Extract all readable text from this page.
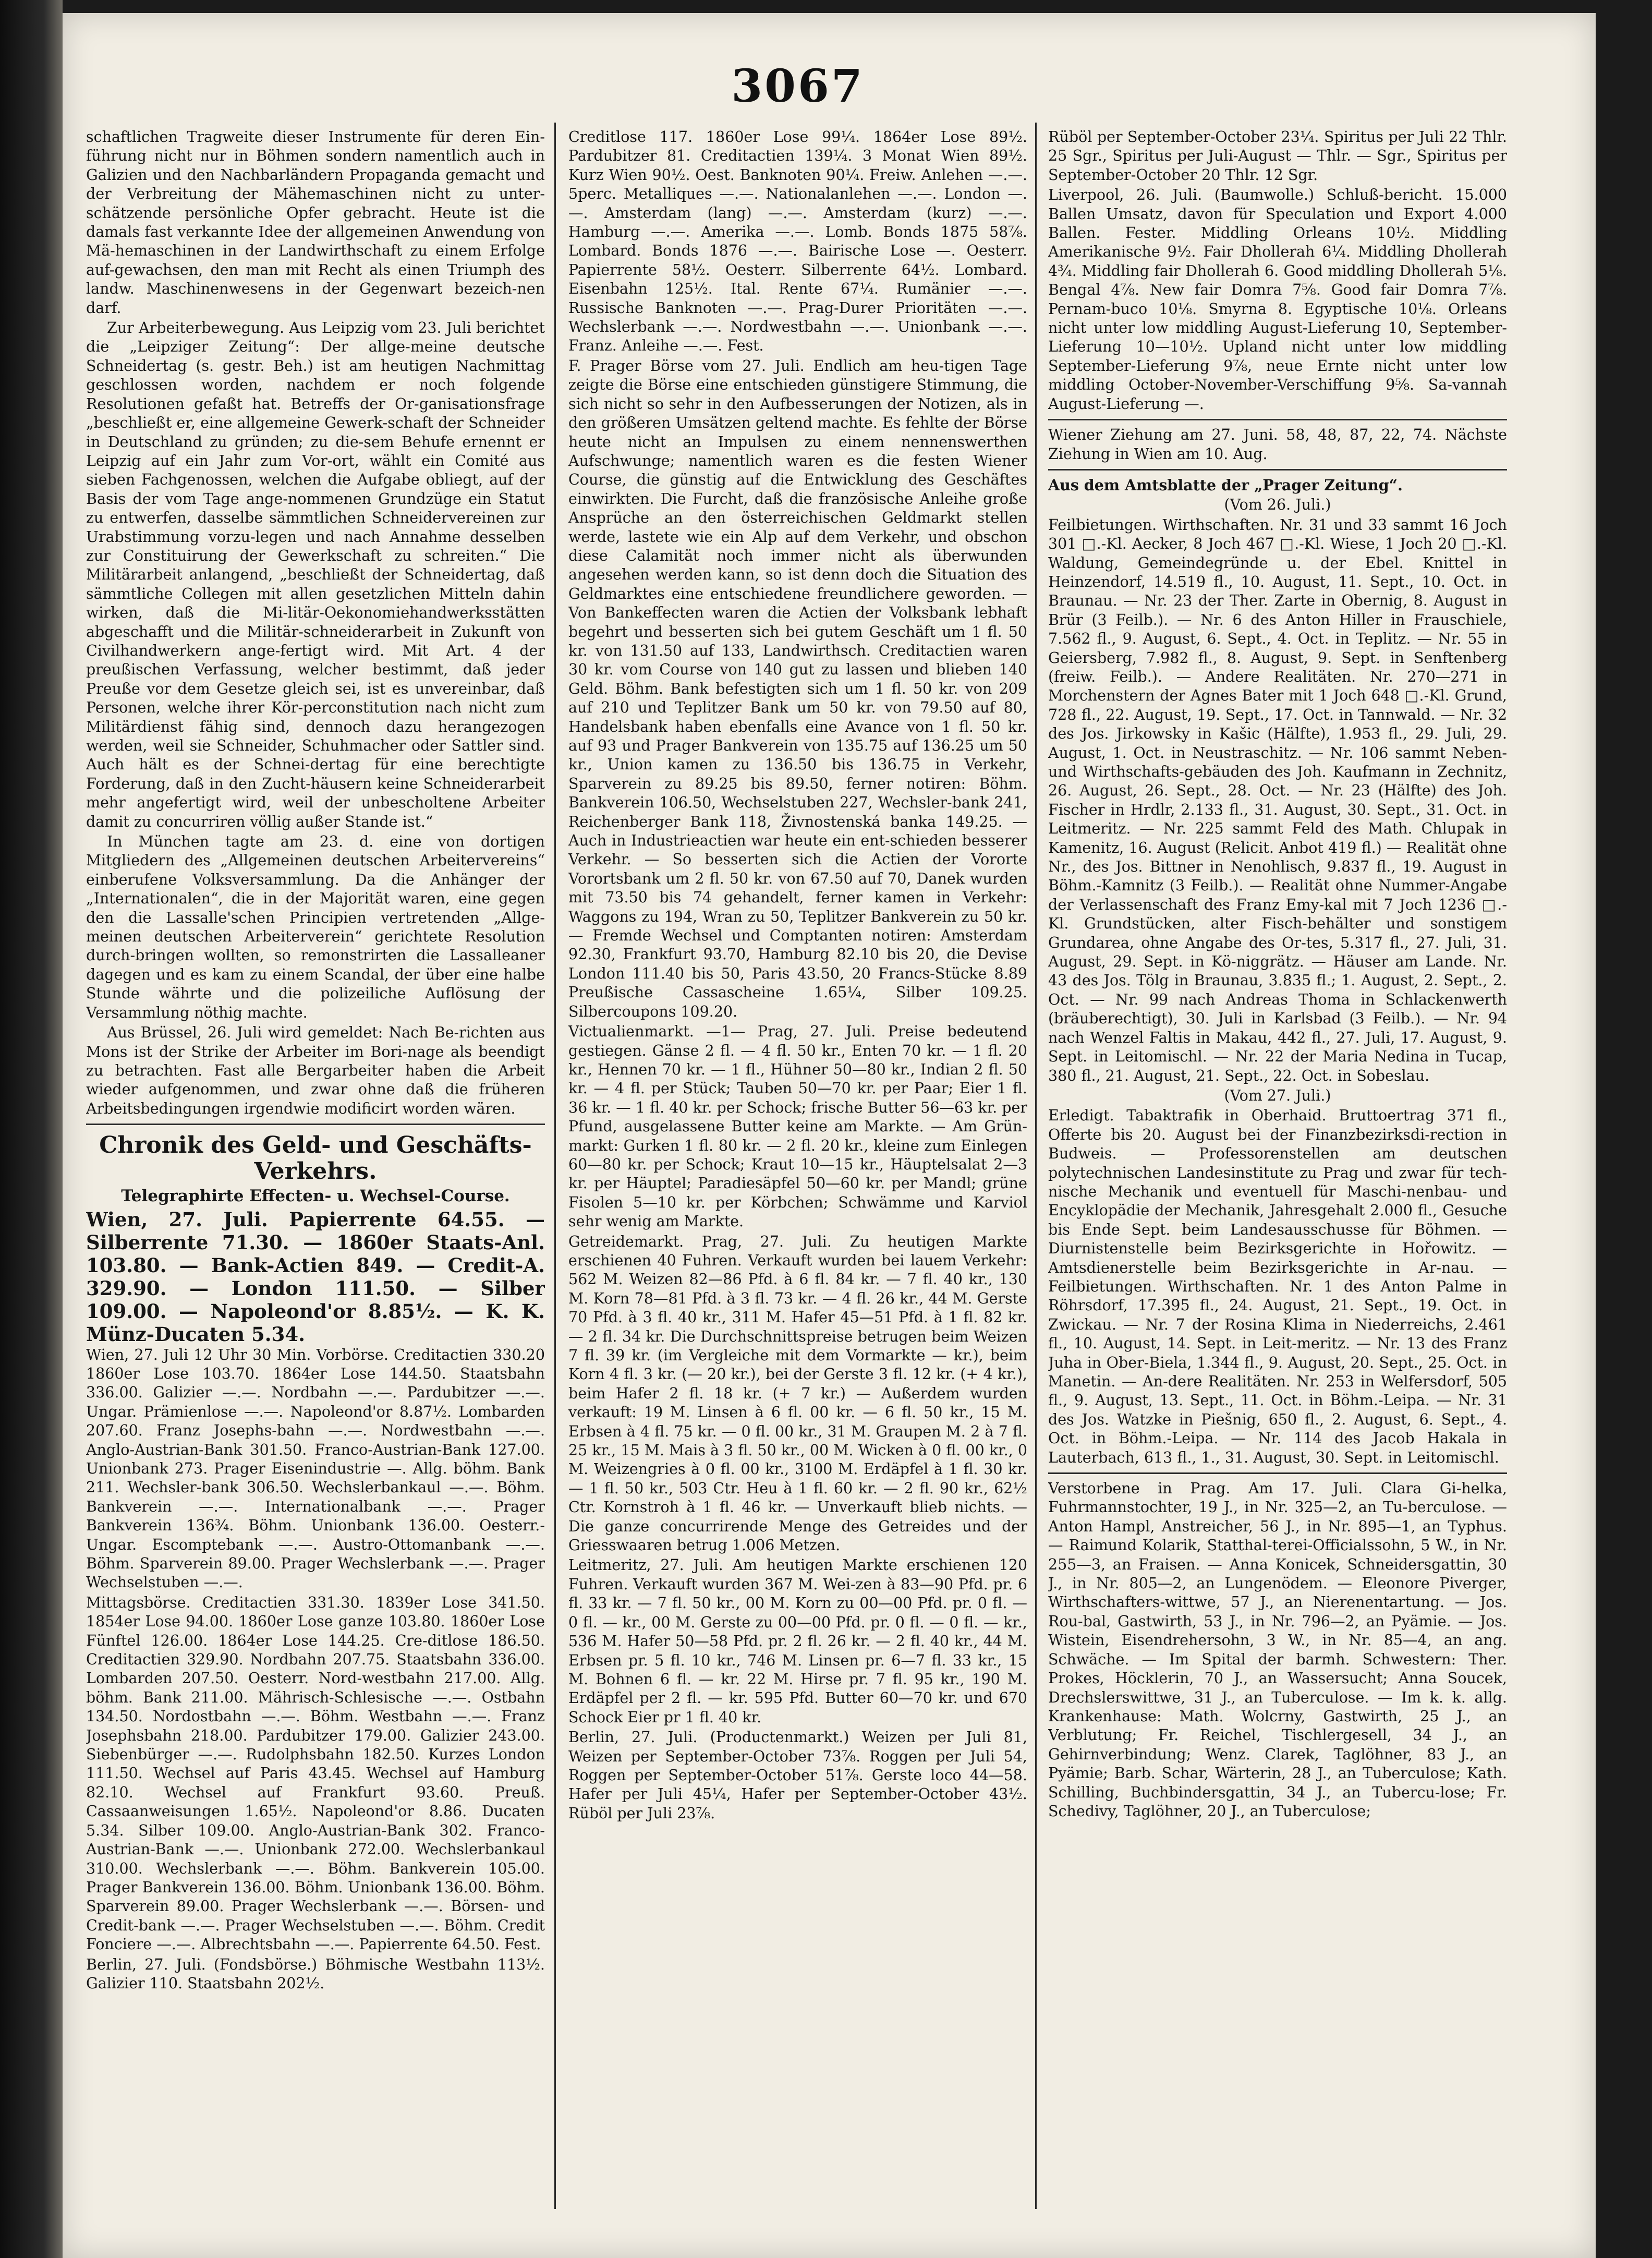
3067

schaftlichen Tragweite dieser Instrumente für deren Ein-führung nicht nur in Böhmen sondern namentlich auch in Galizien und den Nachbarländern Propaganda gemacht und der Verbreitung der Mähemaschinen nicht zu unter-schätzende persönliche Opfer gebracht. Heute ist die damals fast verkannte Idee der allgemeinen Anwendung von Mä-hemaschinen in der Landwirthschaft zu einem Erfolge auf-gewachsen, den man mit Recht als einen Triumph des landw. Maschinenwesens in der Gegenwart bezeich-nen darf.

Zur Arbeiterbewegung. Aus Leipzig vom 23. Juli berichtet die „Leipziger Zeitung“: Der allge-meine deutsche Schneidertag (s. gestr. Beh.) ist am heutigen Nachmittag geschlossen worden, nachdem er noch folgende Resolutionen gefaßt hat. Betreffs der Or-ganisationsfrage „beschließt er, eine allgemeine Gewerk-schaft der Schneider in Deutschland zu gründen; zu die-sem Behufe ernennt er Leipzig auf ein Jahr zum Vor-ort, wählt ein Comité aus sieben Fachgenossen, welchen die Aufgabe obliegt, auf der Basis der vom Tage ange-nommenen Grundzüge ein Statut zu entwerfen, dasselbe sämmtlichen Schneidervereinen zur Urabstimmung vorzu-legen und nach Annahme desselben zur Constituirung der Gewerkschaft zu schreiten.“ Die Militärarbeit anlangend, „beschließt der Schneidertag, daß sämmtliche Collegen mit allen gesetzlichen Mitteln dahin wirken, daß die Mi-litär-Oekonomiehandwerksstätten abgeschafft und die Militär-schneiderarbeit in Zukunft von Civilhandwerkern ange-fertigt wird. Mit Art. 4 der preußischen Verfassung, welcher bestimmt, daß jeder Preuße vor dem Gesetze gleich sei, ist es unvereinbar, daß Personen, welche ihrer Kör-perconstitution nach nicht zum Militärdienst fähig sind, dennoch dazu herangezogen werden, weil sie Schneider, Schuhmacher oder Sattler sind. Auch hält es der Schnei-dertag für eine berechtigte Forderung, daß in den Zucht-häusern keine Schneiderarbeit mehr angefertigt wird, weil der unbescholtene Arbeiter damit zu concurriren völlig außer Stande ist.“

In München tagte am 23. d. eine von dortigen Mitgliedern des „Allgemeinen deutschen Arbeitervereins“ einberufene Volksversammlung. Da die Anhänger der „Internationalen“, die in der Majorität waren, eine gegen den die Lassalle'schen Principien vertretenden „Allge-meinen deutschen Arbeiterverein“ gerichtete Resolution durch-bringen wollten, so remonstrirten die Lassalleaner dagegen und es kam zu einem Scandal, der über eine halbe Stunde währte und die polizeiliche Auflösung der Versammlung nöthig machte.

Aus Brüssel, 26. Juli wird gemeldet: Nach Be-richten aus Mons ist der Strike der Arbeiter im Bori-nage als beendigt zu betrachten. Fast alle Bergarbeiter haben die Arbeit wieder aufgenommen, und zwar ohne daß die früheren Arbeitsbedingungen irgendwie modificirt worden wären.

Chronik des Geld- und Geschäfts-Verkehrs.
Telegraphirte Effecten- u. Wechsel-Course.
Wien, 27. Juli. Papierrente 64.55. — Silberrente 71.30. — 1860er Staats-Anl. 103.80. — Bank-Actien 849. — Credit-A. 329.90. — London 111.50. — Silber 109.00. — Napoleond'or 8.85½. — K. K. Münz-Ducaten 5.34.

Wien, 27. Juli 12 Uhr 30 Min. Vorbörse. Creditactien 330.20 1860er Lose 103.70. 1864er Lose 144.50. Staatsbahn 336.00. Galizier —.—. Nordbahn —.—. Pardubitzer —.—. Ungar. Prämienlose —.—. Napoleond'or 8.87½. Lombarden 207.60. Franz Josephs-bahn —.—. Nordwestbahn —.—. Anglo-Austrian-Bank 301.50. Franco-Austrian-Bank 127.00. Unionbank 273. Prager Eisenindustrie —. Allg. böhm. Bank 211. Wechsler-bank 306.50. Wechslerbankaul —.—. Böhm. Bankverein —.—. Internationalbank —.—. Prager Bankverein 136¾. Böhm. Unionbank 136.00. Oesterr.-Ungar. Escomptebank —.—. Austro-Ottomanbank —.—. Böhm. Sparverein 89.00. Prager Wechslerbank —.—. Prager Wechselstuben —.—.

Mittagsbörse. Creditactien 331.30. 1839er Lose 341.50. 1854er Lose 94.00. 1860er Lose ganze 103.80. 1860er Lose Fünftel 126.00. 1864er Lose 144.25. Cre-ditlose 186.50. Creditactien 329.90. Nordbahn 207.75. Staatsbahn 336.00. Lombarden 207.50. Oesterr. Nord-westbahn 217.00. Allg. böhm. Bank 211.00. Mährisch-Schlesische —.—. Ostbahn 134.50. Nordostbahn —.—. Böhm. Westbahn —.—. Franz Josephsbahn 218.00. Pardubitzer 179.00. Galizier 243.00. Siebenbürger —.—. Rudolphsbahn 182.50. Kurzes London 111.50. Wechsel auf Paris 43.45. Wechsel auf Hamburg 82.10. Wechsel auf Frankfurt 93.60. Preuß. Cassaanweisungen 1.65½. Napoleond'or 8.86. Ducaten 5.34. Silber 109.00. Anglo-Austrian-Bank 302. Franco-Austrian-Bank —.—. Unionbank 272.00. Wechslerbankaul 310.00. Wechslerbank —.—. Böhm. Bankverein 105.00. Prager Bankverein 136.00. Böhm. Unionbank 136.00. Böhm. Sparverein 89.00. Prager Wechslerbank —.—. Börsen- und Credit-bank —.—. Prager Wechselstuben —.—. Böhm. Credit Fonciere —.—. Albrechtsbahn —.—. Papierrente 64.50. Fest.

Berlin, 27. Juli. (Fondsbörse.) Böhmische Westbahn 113½. Galizier 110. Staatsbahn 202½.

Creditlose 117. 1860er Lose 99¼. 1864er Lose 89½. Pardubitzer 81. Creditactien 139¼. 3 Monat Wien 89½. Kurz Wien 90½. Oest. Banknoten 90¼. Freiw. Anlehen —.—. 5perc. Metalliques —.—. Nationalanlehen —.—. London —.—. Amsterdam (lang) —.—. Amsterdam (kurz) —.—. Hamburg —.—. Amerika —.—. Lomb. Bonds 1875 58⅞. Lombard. Bonds 1876 —.—. Bairische Lose —. Oesterr. Papierrente 58½. Oesterr. Silberrente 64½. Lombard. Eisenbahn 125½. Ital. Rente 67¼. Rumänier —.—. Russische Banknoten —.—. Prag-Durer Prioritäten —.—. Wechslerbank —.—. Nordwestbahn —.—. Unionbank —.—. Franz. Anleihe —.—. Fest.

F. Prager Börse vom 27. Juli. Endlich am heu-tigen Tage zeigte die Börse eine entschieden günstigere Stimmung, die sich nicht so sehr in den Aufbesserungen der Notizen, als in den größeren Umsätzen geltend machte. Es fehlte der Börse heute nicht an Impulsen zu einem nennenswerthen Aufschwunge; namentlich waren es die festen Wiener Course, die günstig auf die Entwicklung des Geschäftes einwirkten. Die Furcht, daß die französische Anleihe große Ansprüche an den österreichischen Geldmarkt stellen werde, lastete wie ein Alp auf dem Verkehr, und obschon diese Calamität noch immer nicht als überwunden angesehen werden kann, so ist denn doch die Situation des Geldmarktes eine entschiedene freundlichere geworden. — Von Bankeffecten waren die Actien der Volksbank lebhaft begehrt und besserten sich bei gutem Geschäft um 1 fl. 50 kr. von 131.50 auf 133, Landwirthsch. Creditactien waren 30 kr. vom Course von 140 gut zu lassen und blieben 140 Geld. Böhm. Bank befestigten sich um 1 fl. 50 kr. von 209 auf 210 und Teplitzer Bank um 50 kr. von 79.50 auf 80, Handelsbank haben ebenfalls eine Avance von 1 fl. 50 kr. auf 93 und Prager Bankverein von 135.75 auf 136.25 um 50 kr., Union kamen zu 136.50 bis 136.75 in Verkehr, Sparverein zu 89.25 bis 89.50, ferner notiren: Böhm. Bankverein 106.50, Wechselstuben 227, Wechsler-bank 241, Reichenberger Bank 118, Živnostenská banka 149.25. — Auch in Industrieactien war heute ein ent-schieden besserer Verkehr. — So besserten sich die Actien der Vororte Vorortsbank um 2 fl. 50 kr. von 67.50 auf 70, Danek wurden mit 73.50 bis 74 gehandelt, ferner kamen in Verkehr: Waggons zu 194, Wran zu 50, Teplitzer Bankverein zu 50 kr. — Fremde Wechsel und Comptanten notiren: Amsterdam 92.30, Frankfurt 93.70, Hamburg 82.10 bis 20, die Devise London 111.40 bis 50, Paris 43.50, 20 Francs-Stücke 8.89 Preußische Cassascheine 1.65¼, Silber 109.25. Silbercoupons 109.20.

Victualienmarkt. —1— Prag, 27. Juli. Preise bedeutend gestiegen. Gänse 2 fl. — 4 fl. 50 kr., Enten 70 kr. — 1 fl. 20 kr., Hennen 70 kr. — 1 fl., Hühner 50—80 kr., Indian 2 fl. 50 kr. — 4 fl. per Stück; Tauben 50—70 kr. per Paar; Eier 1 fl. 36 kr. — 1 fl. 40 kr. per Schock; frische Butter 56—63 kr. per Pfund, ausgelassene Butter keine am Markte. — Am Grün-markt: Gurken 1 fl. 80 kr. — 2 fl. 20 kr., kleine zum Einlegen 60—80 kr. per Schock; Kraut 10—15 kr., Häuptelsalat 2—3 kr. per Häuptel; Paradiesäpfel 50—60 kr. per Mandl; grüne Fisolen 5—10 kr. per Körbchen; Schwämme und Karviol sehr wenig am Markte.

Getreidemarkt. Prag, 27. Juli. Zu heutigen Markte erschienen 40 Fuhren. Verkauft wurden bei lauem Verkehr: 562 M. Weizen 82—86 Pfd. à 6 fl. 84 kr. — 7 fl. 40 kr., 130 M. Korn 78—81 Pfd. à 3 fl. 73 kr. — 4 fl. 26 kr., 44 M. Gerste 70 Pfd. à 3 fl. 40 kr., 311 M. Hafer 45—51 Pfd. à 1 fl. 82 kr. — 2 fl. 34 kr. Die Durchschnittspreise betrugen beim Weizen 7 fl. 39 kr. (im Vergleiche mit dem Vormarkte — kr.), beim Korn 4 fl. 3 kr. (— 20 kr.), bei der Gerste 3 fl. 12 kr. (+ 4 kr.), beim Hafer 2 fl. 18 kr. (+ 7 kr.) — Außerdem wurden verkauft: 19 M. Linsen à 6 fl. 00 kr. — 6 fl. 50 kr., 15 M. Erbsen à 4 fl. 75 kr. — 0 fl. 00 kr., 31 M. Graupen M. 2 à 7 fl. 25 kr., 15 M. Mais à 3 fl. 50 kr., 00 M. Wicken à 0 fl. 00 kr., 0 M. Weizengries à 0 fl. 00 kr., 3100 M. Erdäpfel à 1 fl. 30 kr. — 1 fl. 50 kr., 503 Ctr. Heu à 1 fl. 60 kr. — 2 fl. 90 kr., 62½ Ctr. Kornstroh à 1 fl. 46 kr. — Unverkauft blieb nichts. — Die ganze concurrirende Menge des Getreides und der Griesswaaren betrug 1.006 Metzen.

Leitmeritz, 27. Juli. Am heutigen Markte erschienen 120 Fuhren. Verkauft wurden 367 M. Wei-zen à 83—90 Pfd. pr. 6 fl. 33 kr. — 7 fl. 50 kr., 00 M. Korn zu 00—00 Pfd. pr. 0 fl. — 0 fl. — kr., 00 M. Gerste zu 00—00 Pfd. pr. 0 fl. — 0 fl. — kr., 536 M. Hafer 50—58 Pfd. pr. 2 fl. 26 kr. — 2 fl. 40 kr., 44 M. Erbsen pr. 5 fl. 10 kr., 746 M. Linsen pr. 6—7 fl. 33 kr., 15 M. Bohnen 6 fl. — kr. 22 M. Hirse pr. 7 fl. 95 kr., 190 M. Erdäpfel per 2 fl. — kr. 595 Pfd. Butter 60—70 kr. und 670 Schock Eier pr 1 fl. 40 kr.

Berlin, 27. Juli. (Productenmarkt.) Weizen per Juli 81, Weizen per September-October 73⅞. Roggen per Juli 54, Roggen per September-October 51⅞. Gerste loco 44—58. Hafer per Juli 45¼, Hafer per September-October 43½. Rüböl per Juli 23⅞.

Rüböl per September-October 23¼. Spiritus per Juli 22 Thlr. 25 Sgr., Spiritus per Juli-August — Thlr. — Sgr., Spiritus per September-October 20 Thlr. 12 Sgr.

Liverpool, 26. Juli. (Baumwolle.) Schluß-bericht. 15.000 Ballen Umsatz, davon für Speculation und Export 4.000 Ballen. Fester. Middling Orleans 10½. Middling Amerikanische 9½. Fair Dhollerah 6¼. Middling Dhollerah 4¾. Middling fair Dhollerah 6. Good middling Dhollerah 5⅛. Bengal 4⅞. New fair Domra 7⅝. Good fair Domra 7⅞. Pernam-buco 10⅛. Smyrna 8. Egyptische 10⅛. Orleans nicht unter low middling August-Lieferung 10, September-Lieferung 10—10½. Upland nicht unter low middling September-Lieferung 9⅞, neue Ernte nicht unter low middling October-November-Verschiffung 9⅝. Sa-vannah August-Lieferung —.

Wiener Ziehung am 27. Juni. 58, 48, 87, 22, 74. Nächste Ziehung in Wien am 10. Aug.

Aus dem Amtsblatte der „Prager Zeitung“.

(Vom 26. Juli.)

Feilbietungen. Wirthschaften. Nr. 31 und 33 sammt 16 Joch 301 □.-Kl. Aecker, 8 Joch 467 □.-Kl. Wiese, 1 Joch 20 □.-Kl. Waldung, Gemeindegründe u. der Ebel. Knittel in Heinzendorf, 14.519 fl., 10. August, 11. Sept., 10. Oct. in Braunau. — Nr. 23 der Ther. Zarte in Obernig, 8. August in Brür (3 Feilb.). — Nr. 6 des Anton Hiller in Frauschiele, 7.562 fl., 9. August, 6. Sept., 4. Oct. in Teplitz. — Nr. 55 in Geiersberg, 7.982 fl., 8. August, 9. Sept. in Senftenberg (freiw. Feilb.). — Andere Realitäten. Nr. 270—271 in Morchenstern der Agnes Bater mit 1 Joch 648 □.-Kl. Grund, 728 fl., 22. August, 19. Sept., 17. Oct. in Tannwald. — Nr. 32 des Jos. Jirkowsky in Kašic (Hälfte), 1.953 fl., 29. Juli, 29. August, 1. Oct. in Neustraschitz. — Nr. 106 sammt Neben- und Wirthschafts-gebäuden des Joh. Kaufmann in Zechnitz, 26. August, 26. Sept., 28. Oct. — Nr. 23 (Hälfte) des Joh. Fischer in Hrdlr, 2.133 fl., 31. August, 30. Sept., 31. Oct. in Leitmeritz. — Nr. 225 sammt Feld des Math. Chlupak in Kamenitz, 16. August (Relicit. Anbot 419 fl.) — Realität ohne Nr., des Jos. Bittner in Nenohlisch, 9.837 fl., 19. August in Böhm.-Kamnitz (3 Feilb.). — Realität ohne Nummer-Angabe der Verlassenschaft des Franz Emy-kal mit 7 Joch 1236 □.-Kl. Grundstücken, alter Fisch-behälter und sonstigem Grundarea, ohne Angabe des Or-tes, 5.317 fl., 27. Juli, 31. August, 29. Sept. in Kö-niggrätz. — Häuser am Lande. Nr. 43 des Jos. Tölg in Braunau, 3.835 fl.; 1. August, 2. Sept., 2. Oct. — Nr. 99 nach Andreas Thoma in Schlackenwerth (bräuberechtigt), 30. Juli in Karlsbad (3 Feilb.). — Nr. 94 nach Wenzel Faltis in Makau, 442 fl., 27. Juli, 17. August, 9. Sept. in Leitomischl. — Nr. 22 der Maria Nedina in Tucap, 380 fl., 21. August, 21. Sept., 22. Oct. in Sobeslau.

(Vom 27. Juli.)

Erledigt. Tabaktrafik in Oberhaid. Bruttoertrag 371 fl., Offerte bis 20. August bei der Finanzbezirksdi-rection in Budweis. — Professorenstellen am deutschen polytechnischen Landesinstitute zu Prag und zwar für tech-nische Mechanik und eventuell für Maschi-nenbau- und Encyklopädie der Mechanik, Jahresgehalt 2.000 fl., Gesuche bis Ende Sept. beim Landesausschusse für Böhmen. — Diurnistenstelle beim Bezirksgerichte in Hořowitz. — Amtsdienerstelle beim Bezirksgerichte in Ar-nau. — Feilbietungen. Wirthschaften. Nr. 1 des Anton Palme in Röhrsdorf, 17.395 fl., 24. August, 21. Sept., 19. Oct. in Zwickau. — Nr. 7 der Rosina Klima in Niederreichs, 2.461 fl., 10. August, 14. Sept. in Leit-meritz. — Nr. 13 des Franz Juha in Ober-Biela, 1.344 fl., 9. August, 20. Sept., 25. Oct. in Manetin. — An-dere Realitäten. Nr. 253 in Welfersdorf, 505 fl., 9. August, 13. Sept., 11. Oct. in Böhm.-Leipa. — Nr. 31 des Jos. Watzke in Piešnig, 650 fl., 2. August, 6. Sept., 4. Oct. in Böhm.-Leipa. — Nr. 114 des Jacob Hakala in Lauterbach, 613 fl., 1., 31. August, 30. Sept. in Leitomischl.

Verstorbene in Prag. Am 17. Juli. Clara Gi-helka, Fuhrmannstochter, 19 J., in Nr. 325—2, an Tu-berculose. — Anton Hampl, Anstreicher, 56 J., in Nr. 895—1, an Typhus. — Raimund Kolarik, Statthal-terei-Officialssohn, 5 W., in Nr. 255—3, an Fraisen. — Anna Konicek, Schneidersgattin, 30 J., in Nr. 805—2, an Lungenödem. — Eleonore Piverger, Wirthschafters-wittwe, 57 J., an Nierenentartung. — Jos. Rou-bal, Gastwirth, 53 J., in Nr. 796—2, an Pyämie. — Jos. Wistein, Eisendrehersohn, 3 W., in Nr. 85—4, an ang. Schwäche. — Im Spital der barmh. Schwestern: Ther. Prokes, Höcklerin, 70 J., an Wassersucht; Anna Soucek, Drechslerswittwe, 31 J., an Tuberculose. — Im k. k. allg. Krankenhause: Math. Wolcrny, Gastwirth, 25 J., an Verblutung; Fr. Reichel, Tischlergesell, 34 J., an Gehirnverbindung; Wenz. Clarek, Taglöhner, 83 J., an Pyämie; Barb. Schar, Wärterin, 28 J., an Tuberculose; Kath. Schilling, Buchbindersgattin, 34 J., an Tubercu-lose; Fr. Schedivy, Taglöhner, 20 J., an Tuberculose;
